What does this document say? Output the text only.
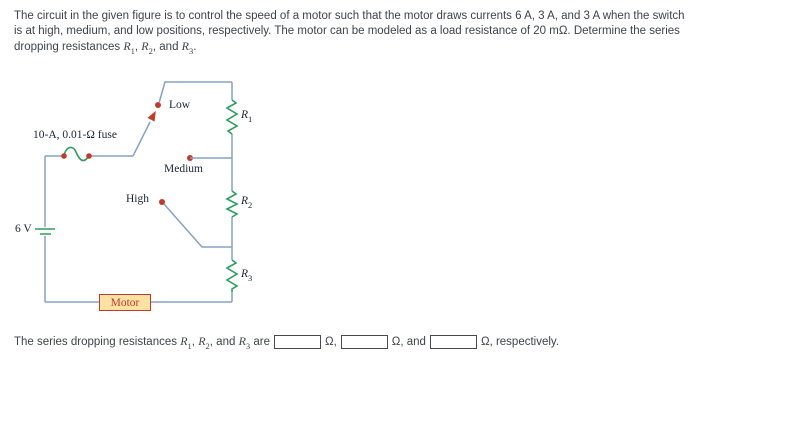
The circuit in the given figure is to control the speed of a motor such that the motor draws currents 6 A, 3 A, and 3 A when the switch
is at high, medium, and low positions, respectively. The motor can be modeled as a load resistance of 20 mΩ. Determine the series
dropping resistances $R_1$, $R_2$, and $R_3$.
6 V
10-A, 0.01-Ω fuse
Low
Medium
High
$R_1$
$R_2$
$R_3$
Motor
The series dropping resistances $R_1$ , $R_2$ , and $R_3$ are	Ω,	Ω, and	Ω, respectively.
